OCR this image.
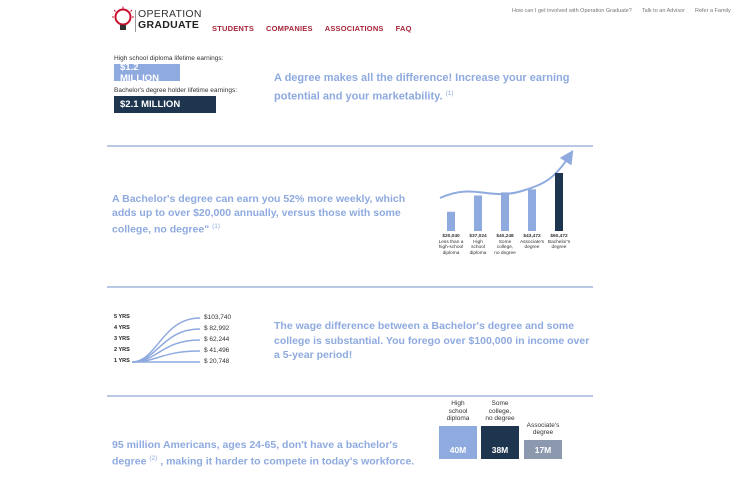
OPERATION
GRADUATE	STUDENTS COMPANIES ASSOCIATIONS FAQ
How can I get involved with Operation Graduate? Talk to an Advisor Refer a Family
High school diploma lifetime earnings:
$1.2 MILLION
Bachelor's degree holder lifetime earnings:
$2.1 MILLION
A degree makes all the difference! Increase your earning potential and your marketability. $^{(1)}$
A Bachelor's degree can earn you 52% more weekly, which adds up to over $20,000 annually, versus those with some college, no degree" $^{(1)}$
$20,040
Less than a
high-school
diploma
$37,024
High
school
diploma
$40,248
Some
college,
no degree
$43,472
Associate's
degree
$60,472
Bachelor's
degree
5 YRS	$103,740
4 YRS	$ 82,992
3 YRS	$ 62,244
2 YRS	$ 41,496
1 YRS	$ 20,748
The wage difference between a Bachelor's degree and some college is substantial. You forego over $100,000 in income over a 5-year period!
95 million Americans, ages 24-65, don't have a bachelor's degree $^{(2)}$ , making it harder to compete in today's workforce.
High
school
diploma
40M
Some
college,
no degree
38M
Associate's
degree
17M
